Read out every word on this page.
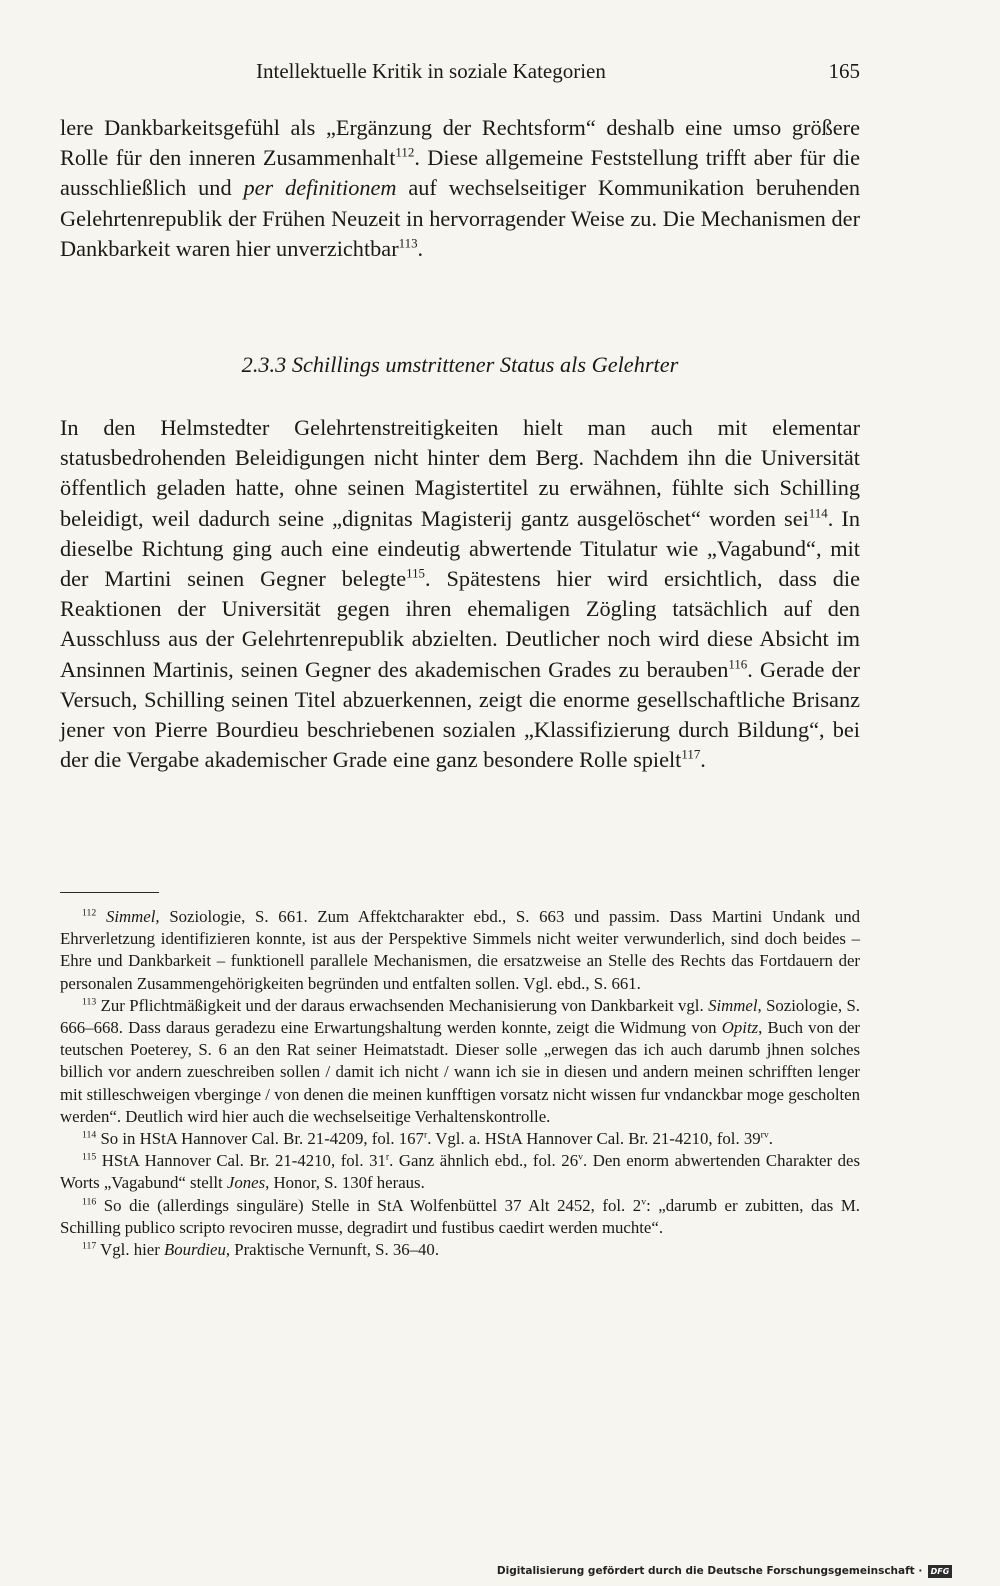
Intellektuelle Kritik in soziale Kategorien	165

lere Dankbarkeitsgefühl als „Ergänzung der Rechtsform“ deshalb eine umso größere Rolle für den inneren Zusammenhalt$^{112}$. Diese allgemeine Feststellung trifft aber für die ausschließlich und per definitionem auf wechselseitiger Kommunikation beruhenden Gelehrtenrepublik der Frühen Neuzeit in hervorragender Weise zu. Die Mechanismen der Dankbarkeit waren hier unverzichtbar$^{113}$.

2.3.3 Schillings umstrittener Status als Gelehrter

In den Helmstedter Gelehrtenstreitigkeiten hielt man auch mit elementar statusbedrohenden Beleidigungen nicht hinter dem Berg. Nachdem ihn die Universität öffentlich geladen hatte, ohne seinen Magistertitel zu erwähnen, fühlte sich Schilling beleidigt, weil dadurch seine „dignitas Magisterij gantz ausgelöschet“ worden sei$^{114}$. In dieselbe Richtung ging auch eine eindeutig abwertende Titulatur wie „Vagabund“, mit der Martini seinen Gegner belegte$^{115}$. Spätestens hier wird ersichtlich, dass die Reaktionen der Universität gegen ihren ehemaligen Zögling tatsächlich auf den Ausschluss aus der Gelehrtenrepublik abzielten. Deutlicher noch wird diese Absicht im Ansinnen Martinis, seinen Gegner des akademischen Grades zu berauben$^{116}$. Gerade der Versuch, Schilling seinen Titel abzuerkennen, zeigt die enorme gesellschaftliche Brisanz jener von Pierre Bourdieu beschriebenen sozialen „Klassifizierung durch Bildung“, bei der die Vergabe akademischer Grade eine ganz besondere Rolle spielt$^{117}$.

$^{112}$ Simmel, Soziologie, S. 661. Zum Affektcharakter ebd., S. 663 und passim. Dass Martini Undank und Ehrverletzung identifizieren konnte, ist aus der Perspektive Simmels nicht weiter verwunderlich, sind doch beides – Ehre und Dankbarkeit – funktionell parallele Mechanismen, die ersatzweise an Stelle des Rechts das Fortdauern der personalen Zusammengehörigkeiten begründen und entfalten sollen. Vgl. ebd., S. 661.

$^{113}$ Zur Pflichtmäßigkeit und der daraus erwachsenden Mechanisierung von Dankbarkeit vgl. Simmel, Soziologie, S. 666–668. Dass daraus geradezu eine Erwartungshaltung werden konnte, zeigt die Widmung von Opitz, Buch von der teutschen Poeterey, S. 6 an den Rat seiner Heimatstadt. Dieser solle „erwegen das ich auch darumb jhnen solches billich vor andern zueschreiben sollen / damit ich nicht / wann ich sie in diesen und andern meinen schrifften lenger mit stilleschweigen vberginge / von denen die meinen kunfftigen vorsatz nicht wissen fur vndanckbar moge gescholten werden“. Deutlich wird hier auch die wechselseitige Verhaltenskontrolle.

$^{114}$ So in HStA Hannover Cal. Br. 21-4209, fol. 167$^r$. Vgl. a. HStA Hannover Cal. Br. 21-4210, fol. $39^{rv}$.

$^{115}$ HStA Hannover Cal. Br. 21-4210, fol. 31$^r$. Ganz ähnlich ebd., fol. 26$^v$. Den enorm abwertenden Charakter des Worts „Vagabund“ stellt Jones, Honor, S. 130f heraus.

$^{116}$ So die (allerdings singuläre) Stelle in StA Wolfenbüttel 37 Alt 2452, fol. 2$^v$: „darumb er zubitten, das M. Schilling publico scripto revociren musse, degradirt und fustibus caedirt werden muchte“.

$^{117}$ Vgl. hier Bourdieu, Praktische Vernunft, S. 36–40.

Digitalisierung gefördert durch die Deutsche Forschungsgemeinschaft · DFG
